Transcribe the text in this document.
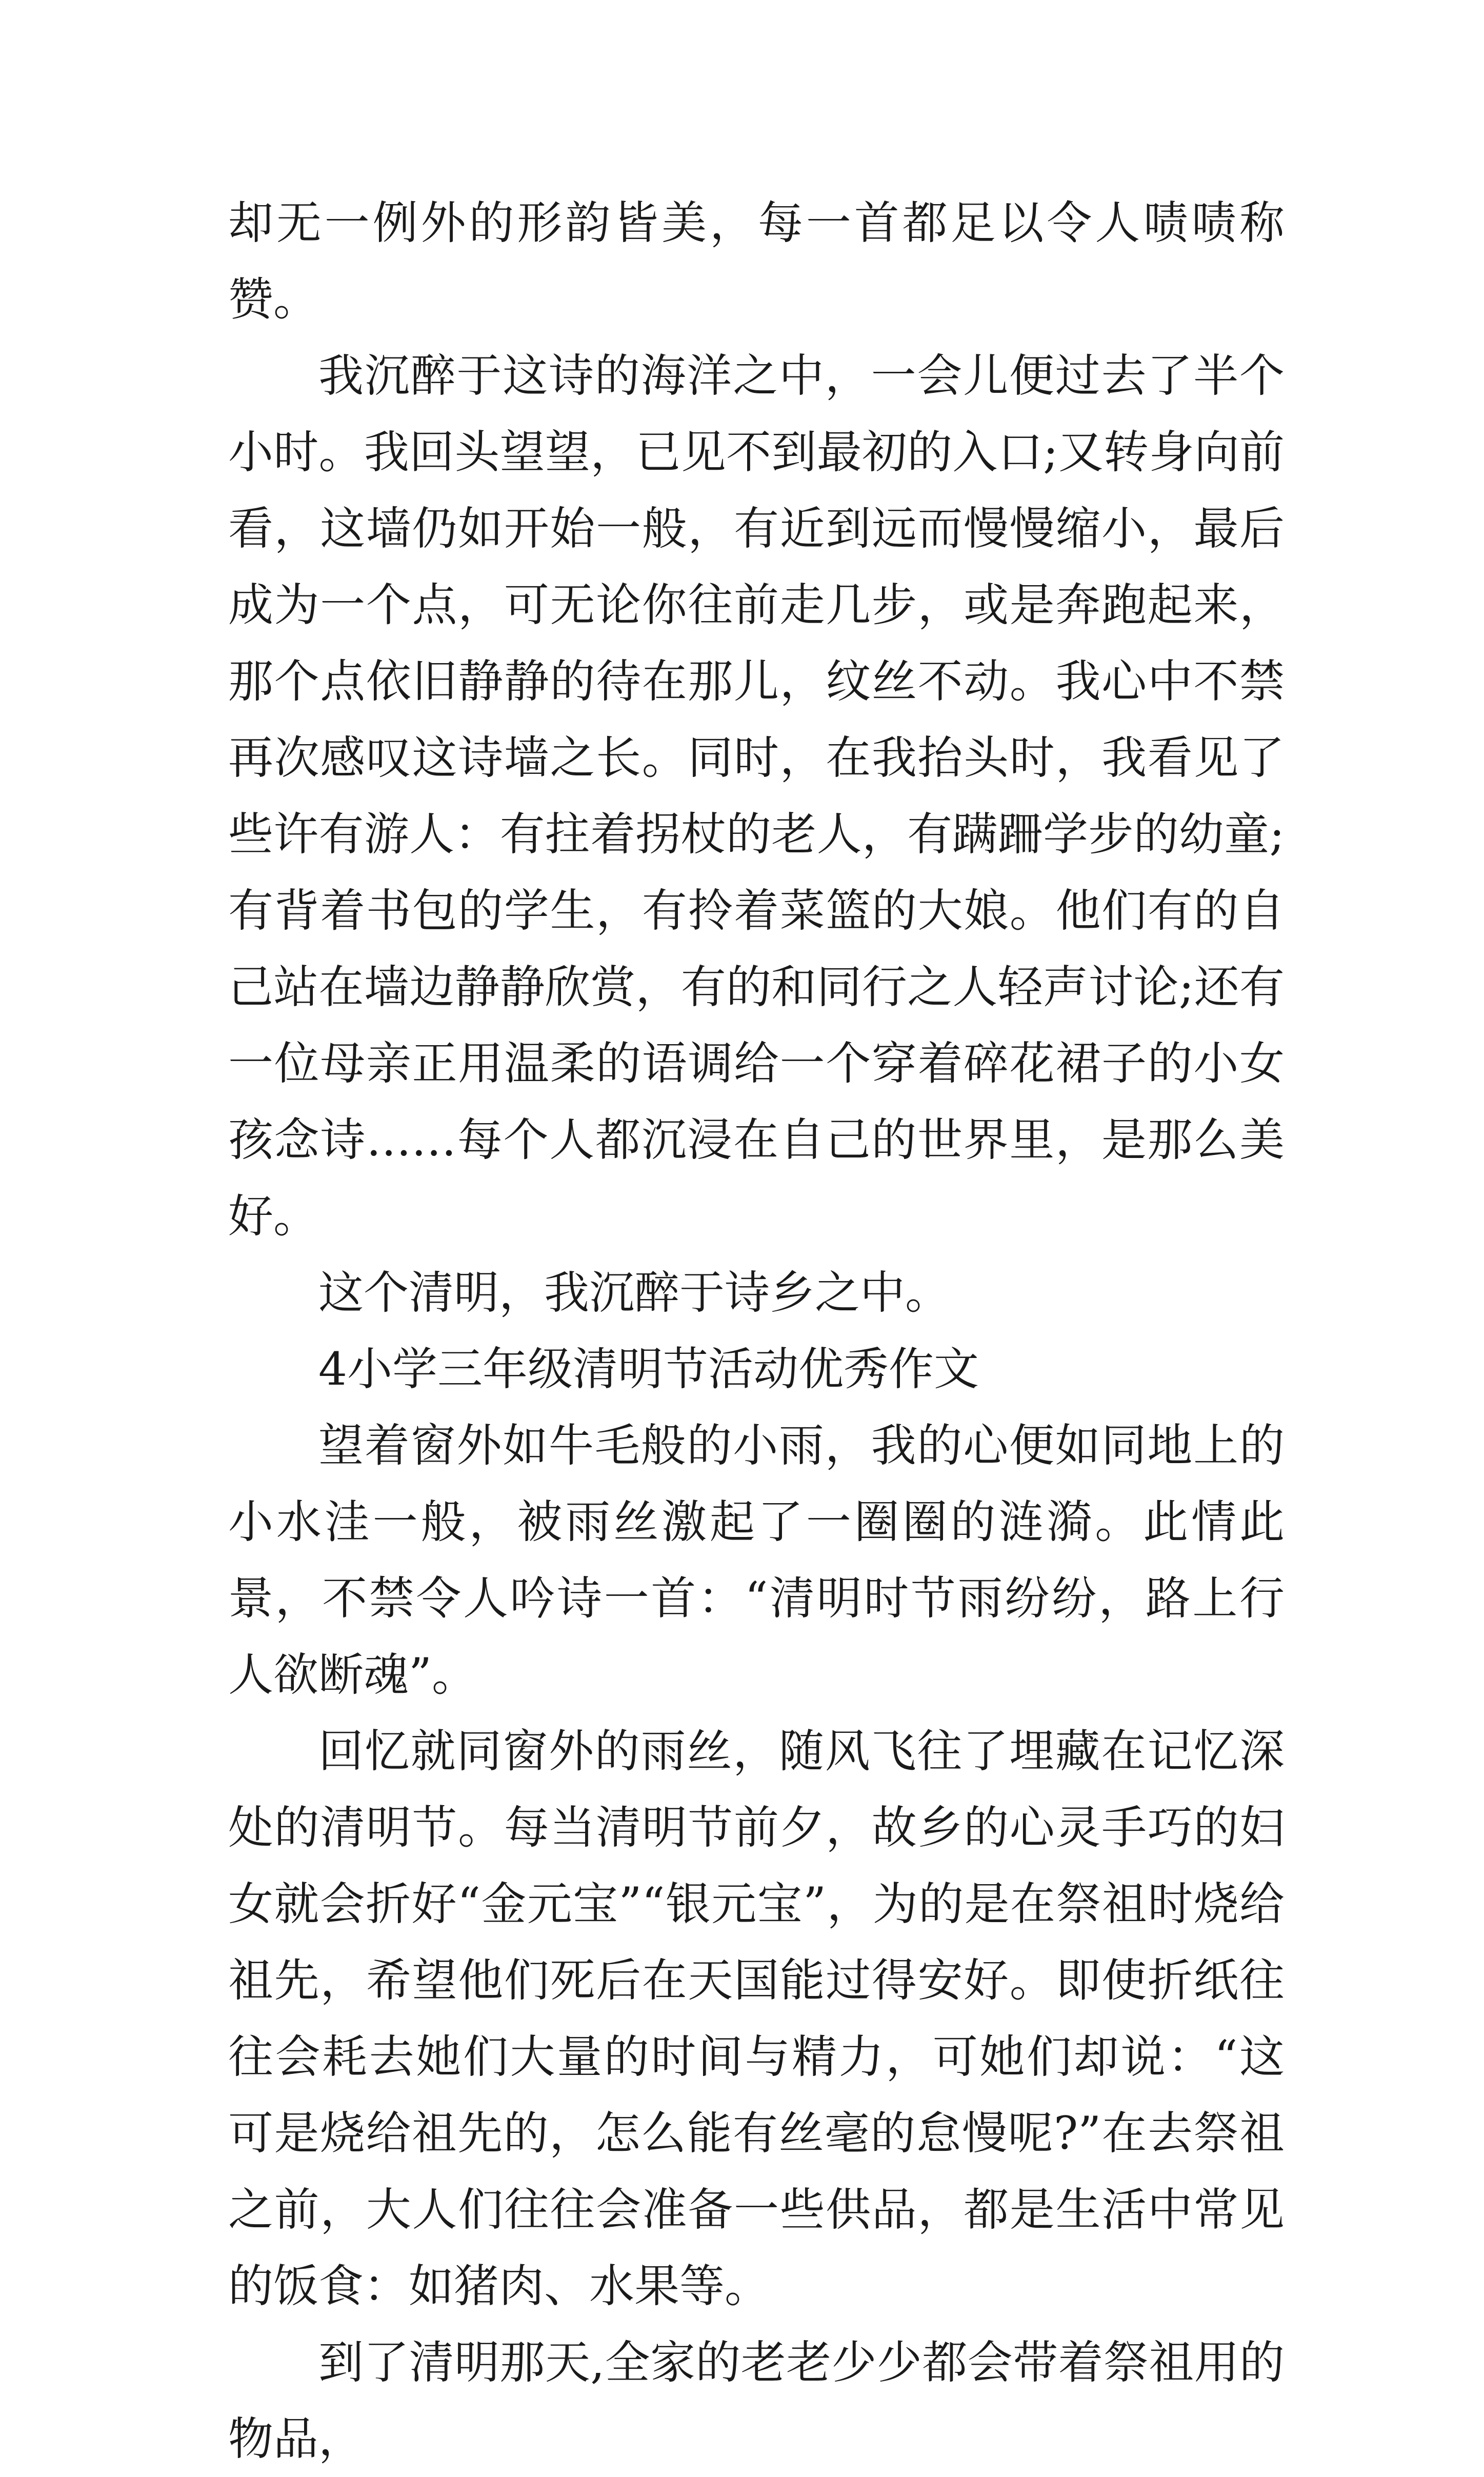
却无一例外的形韵皆美，每一首都足以令人啧啧称赞。

我沉醉于这诗的海洋之中，一会儿便过去了半个小时。我回头望望，已见不到最初的入口;又转身向前看，这墙仍如开始一般，有近到远而慢慢缩小，最后成为一个点，可无论你往前走几步，或是奔跑起来，那个点依旧静静的待在那儿，纹丝不动。我心中不禁再次感叹这诗墙之长。同时，在我抬头时，我看见了些许有游人：有拄着拐杖的老人，有蹒跚学步的幼童;有背着书包的学生，有拎着菜篮的大娘。他们有的自己站在墙边静静欣赏，有的和同行之人轻声讨论;还有一位母亲正用温柔的语调给一个穿着碎花裙子的小女孩念诗……每个人都沉浸在自己的世界里，是那么美好。

这个清明，我沉醉于诗乡之中。

4小学三年级清明节活动优秀作文

望着窗外如牛毛般的小雨，我的心便如同地上的小水洼一般，被雨丝激起了一圈圈的涟漪。此情此景，不禁令人吟诗一首：“清明时节雨纷纷，路上行人欲断魂”。

回忆就同窗外的雨丝，随风飞往了埋藏在记忆深处的清明节。每当清明节前夕，故乡的心灵手巧的妇女就会折好“金元宝”“银元宝”，为的是在祭祖时烧给祖先，希望他们死后在天国能过得安好。即使折纸往往会耗去她们大量的时间与精力，可她们却说：“这可是烧给祖先的，怎么能有丝毫的怠慢呢?”在去祭祖之前，大人们往往会准备一些供品，都是生活中常见的饭食：如猪肉、水果等。

到了清明那天,全家的老老少少都会带着祭祖用的物品，
